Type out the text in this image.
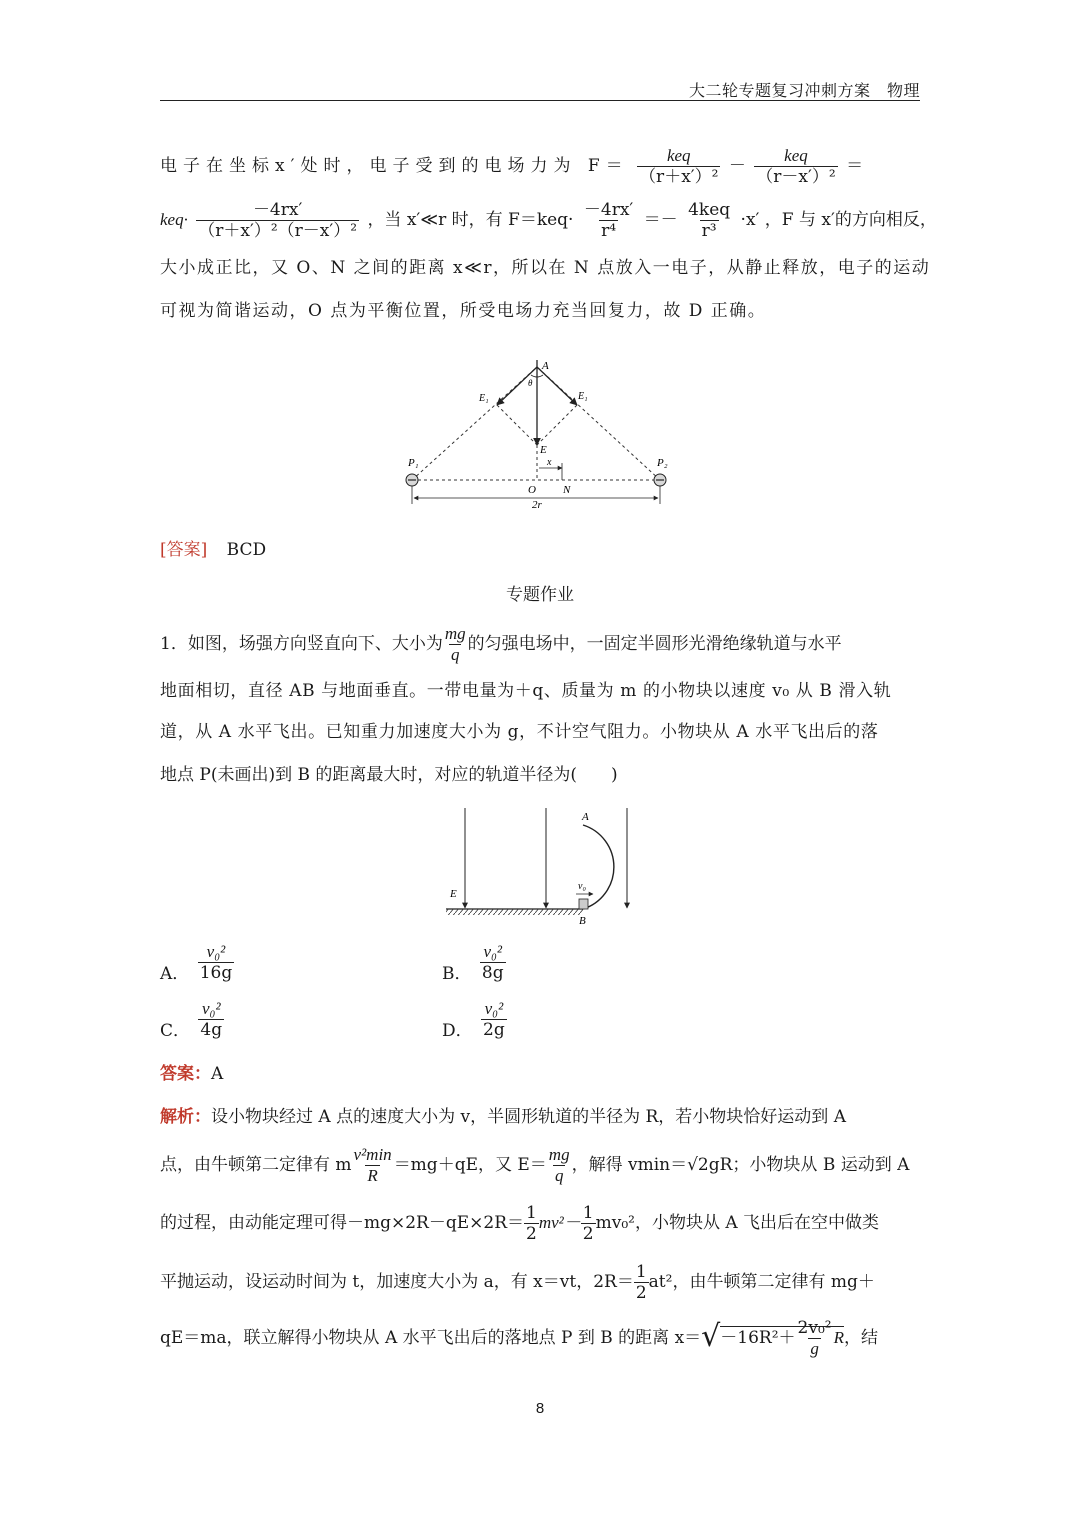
大二轮专题复习冲刺方案　物理
电子在坐标x′处时，电子受到的电场力为 $F= \frac{\text{keq}}{\text{（r＋x′）²}} - \frac{\text{keq}}{\text{（r－x′）²}}$ ＝
$keq\cdot \frac{-4rx'}{\text{（r＋x′）²（r－x′）²}}$ ，当 x′≪r 时，有 $F=keq\cdot \frac{-4rx'}{\text{r⁴}} =- \frac{\text{4keq}}{\text{r³}} \cdot x'$ ，F 与 x′的方向相反，
大小成正比，又 O、N 之间的距离 x≪r，所以在 N 点放入一电子，从静止释放，电子的运动
可视为简谐运动，O 点为平衡位置，所受电场力充当回复力，故 D 正确。
A
θ
E₁	E₁
E
x
P₁	P₂
O N
2r
[答案] BCD
专题作业
1．如图，场强方向竖直向下、大小为 $\frac{mg}{q}$ 的匀强电场中，一固定半圆形光滑绝缘轨道与水平
地面相切，直径 AB 与地面垂直。一带电量为＋q、质量为 m 的小物块以速度 v₀ 从 B 滑入轨
道，从 A 水平飞出。已知重力加速度大小为 g，不计空气阻力。小物块从 A 水平飞出后的落
地点 P(未画出)到 B 的距离最大时，对应的轨道半径为(　　)
A
E
v₀
B
A． $\frac{\text{v₀²}}{16g}$	B． $\frac{\text{v₀²}}{8g}$
C． $\frac{\text{v₀²}}{4g}$	D． $\frac{\text{v₀²}}{2g}$
答案：A
解析：设小物块经过 A 点的速度大小为 v，半圆形轨道的半径为 R，若小物块恰好运动到 A
点，由牛顿第二定律有 m $\frac{\text{v²min}}{R} =mg+qE$，又 $E= \frac{mg}{q}$ ，解得 vmin＝√2gR；小物块从 B 运动到 A
的过程，由动能定理可得$-mg\times 2R-qE\times 2R= \frac{1}{2} mv^2- \frac{1}{2} mv_0^2$，小物块从 A 飞出后在空中做类
平抛运动，设运动时间为 t，加速度大小为 a，有 x＝vt，$2R= \frac{1}{2} at^2$，由牛顿第二定律有 mg＋
qE＝ma，联立解得小物块从 A 水平飞出后的落地点 P 到 B 的距离 $x=√-16R^2+ \frac{\text{2v₀²}}{g}$ R，结
8
